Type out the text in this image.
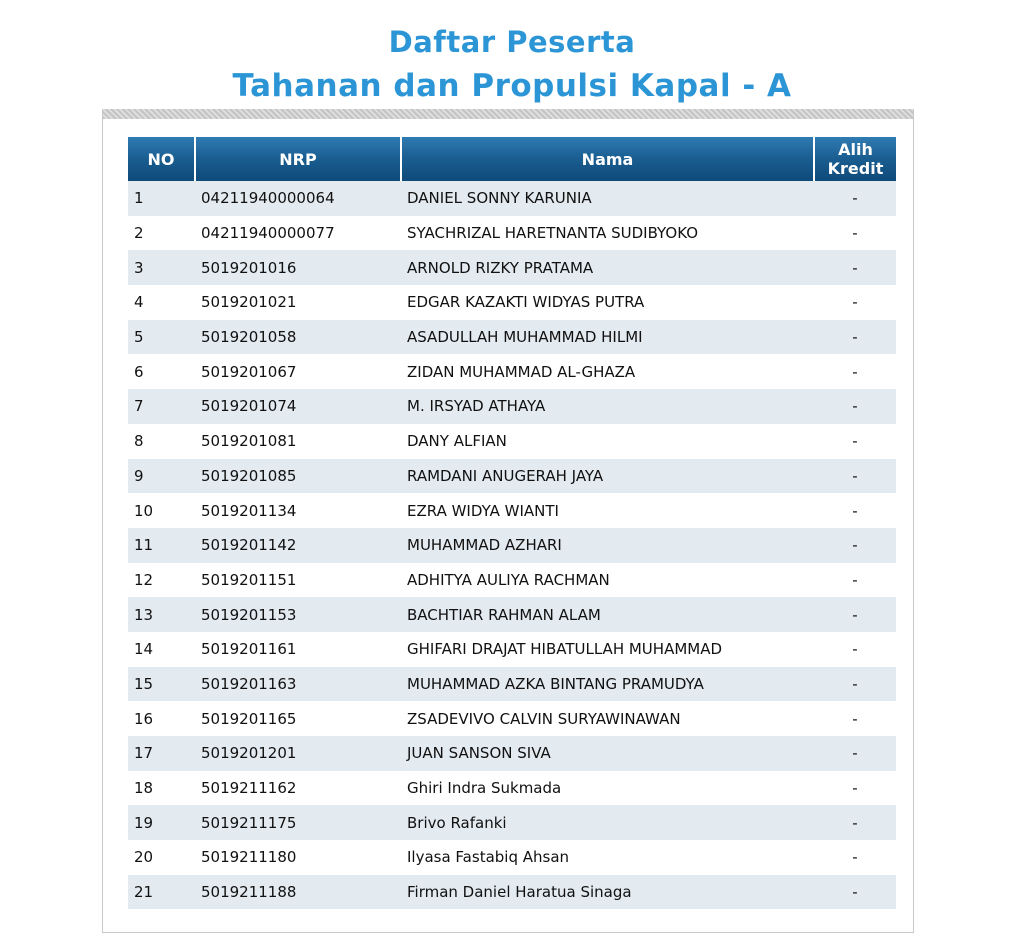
Daftar Peserta
Tahanan dan Propulsi Kapal - A
NO	NRP	Nama	Alih
Kredit
1	04211940000064	DANIEL SONNY KARUNIA	-
2	04211940000077	SYACHRIZAL HARETNANTA SUDIBYOKO	-
3	5019201016	ARNOLD RIZKY PRATAMA	-
4	5019201021	EDGAR KAZAKTI WIDYAS PUTRA	-
5	5019201058	ASADULLAH MUHAMMAD HILMI	-
6	5019201067	ZIDAN MUHAMMAD AL-GHAZA	-
7	5019201074	M. IRSYAD ATHAYA	-
8	5019201081	DANY ALFIAN	-
9	5019201085	RAMDANI ANUGERAH JAYA	-
10	5019201134	EZRA WIDYA WIANTI	-
11	5019201142	MUHAMMAD AZHARI	-
12	5019201151	ADHITYA AULIYA RACHMAN	-
13	5019201153	BACHTIAR RAHMAN ALAM	-
14	5019201161	GHIFARI DRAJAT HIBATULLAH MUHAMMAD	-
15	5019201163	MUHAMMAD AZKA BINTANG PRAMUDYA	-
16	5019201165	ZSADEVIVO CALVIN SURYAWINAWAN	-
17	5019201201	JUAN SANSON SIVA	-
18	5019211162	Ghiri Indra Sukmada	-
19	5019211175	Brivo Rafanki	-
20	5019211180	Ilyasa Fastabiq Ahsan	-
21	5019211188	Firman Daniel Haratua Sinaga	-
